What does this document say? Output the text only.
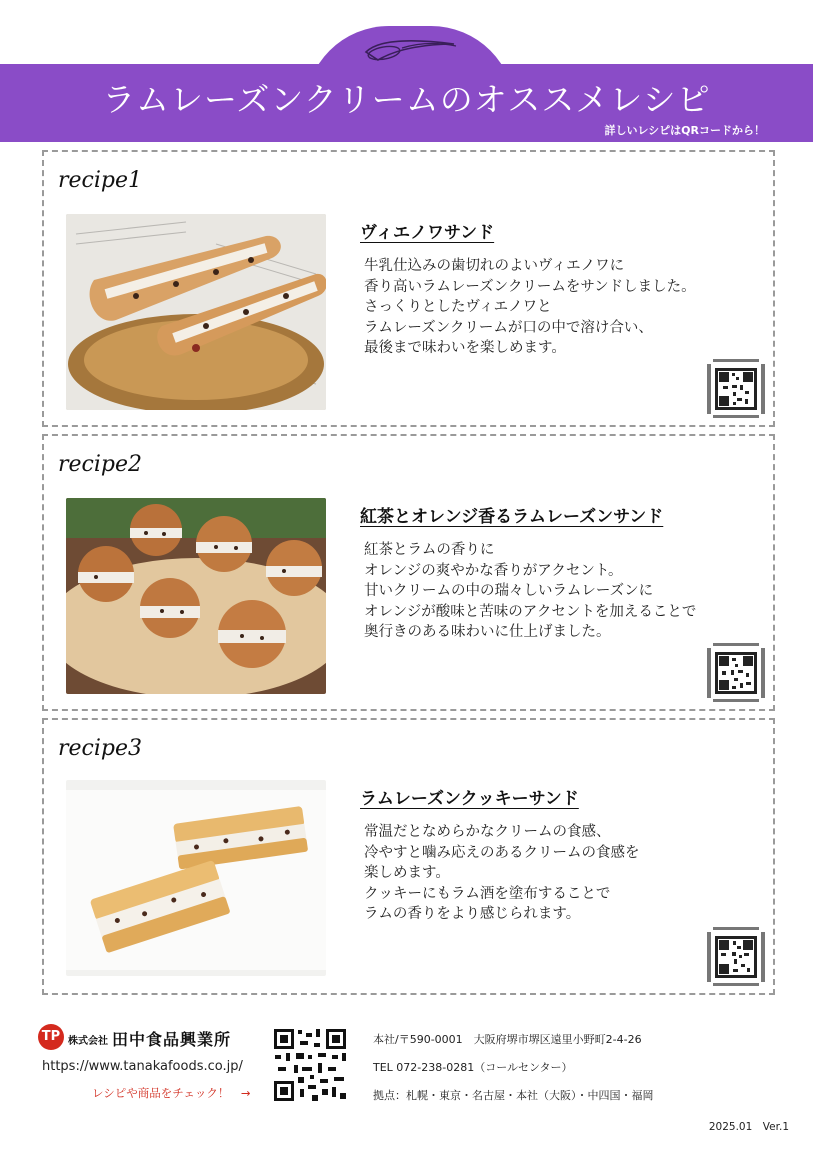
ラムレーズンクリームのオススメレシピ
詳しいレシピはQRコードから！
recipe1
ヴィエノワサンド
牛乳仕込みの歯切れのよいヴィエノワに
香り高いラムレーズンクリームをサンドしました。
さっくりとしたヴィエノワと
ラムレーズンクリームが口の中で溶け合い、
最後まで味わいを楽しめます。
recipe2
紅茶とオレンジ香るラムレーズンサンド
紅茶とラムの香りに
オレンジの爽やかな香りがアクセント。
甘いクリームの中の瑞々しいラムレーズンに
オレンジが酸味と苦味のアクセントを加えることで
奥行きのある味わいに仕上げました。
recipe3
ラムレーズンクッキーサンド
常温だとなめらかなクリームの食感、
冷やすと噛み応えのあるクリームの食感を
楽しめます。
クッキーにもラム酒を塗布することで
ラムの香りをより感じられます。
TP 株式会社 田中食品興業所
https://www.tanakafoods.co.jp/
レシピや商品をチェック！　→
本社/〒590-0001　大阪府堺市堺区遠里小野町2-4-26
TEL 072-238-0281（コールセンター）
拠点：札幌・東京・名古屋・本社（大阪）・中四国・福岡
2025.01　Ver.1
